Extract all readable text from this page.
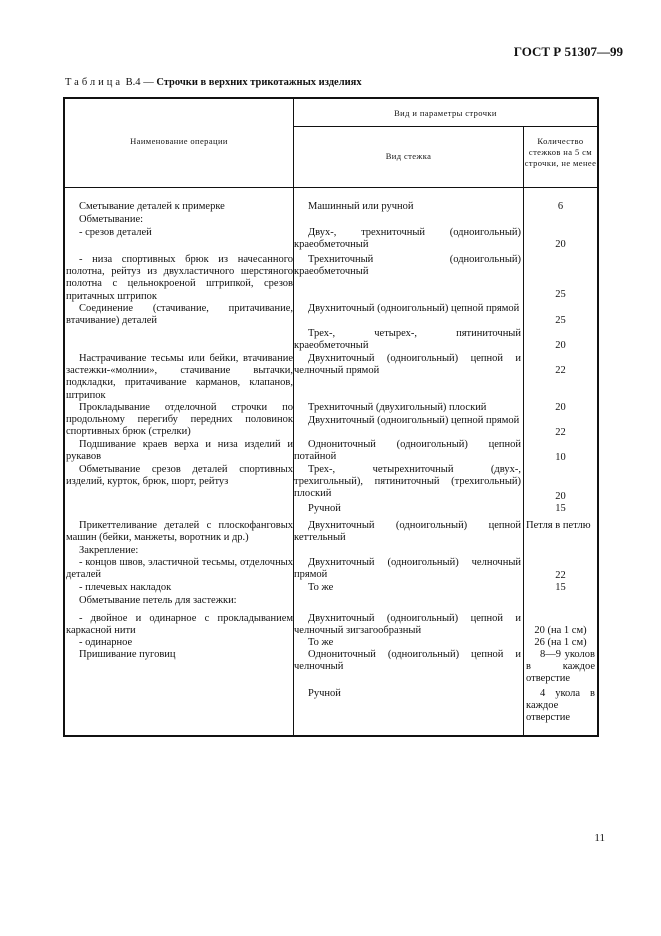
ГОСТ Р 51307—99
Таблица В.4 — Строчки в верхних трикотажных изделиях
Наименование операции
Вид и параметры строчки
Вид стежка
Количество стежков на 5 см строчки, не менее
Сметывание деталей к примерке
Обметывание:
- срезов деталей
- низа спортивных брюк из начесанного полотна, рейтуз из двухластичного шерстяного полотна с цельнокроеной штрипкой, срезов притачных штрипок
Соединение (стачивание, притачивание, втачивание) деталей
Настрачивание тесьмы или бейки, втачивание застежки-«молнии», стачивание вытачки, подкладки, притачивание карманов, клапанов, штрипок
Прокладывание отделочной строчки по продольному перегибу передних половинок спортивных брюк (стрелки)
Подшивание краев верха и низа изделий и рукавов
Обметывание срезов деталей спортивных изделий, курток, брюк, шорт, рейтуз
Прикеттеливание деталей с плоскофанговых машин (бейки, манжеты, воротник и др.)
Закрепление:
- концов швов, эластичной тесьмы, отделочных деталей
- плечевых накладок
Обметывание петель для застежки:
- двойное и одинарное с прокладыванием каркасной нити
- одинарное
Пришивание пуговиц
Машинный или ручной
Двух-, трехниточный (одноигольный) краеобметочный
Трехниточный (одноигольный) краеобметочный
Двухниточный (одноигольный) цепной прямой
Трех-, четырех-, пятиниточный краеобметочный
Двухниточный (одноигольный) цепной и челночный прямой
Трехниточный (двухигольный) плоский
Двухниточный (одноигольный) цепной прямой
Однониточный (одноигольный) цепной потайной
Трех-, четырехниточный (двух-, трехигольный), пятиниточный (трехигольный) плоский
Ручной
Двухниточный (одноигольный) цепной кеттельный
Двухниточный (одноигольный) челночный прямой
То же
Двухниточный (одноигольный) цепной и челночный зигзагообразный
То же
Однониточный (одноигольный) цепной и челночный
Ручной
6
20
25
25
20
22
20
22
10
20
15
Петля в петлю
22
15
20 (на 1 см)
26 (на 1 см)
8—9 уколов в каждое отверстие
4 укола в каждое отверстие
11
